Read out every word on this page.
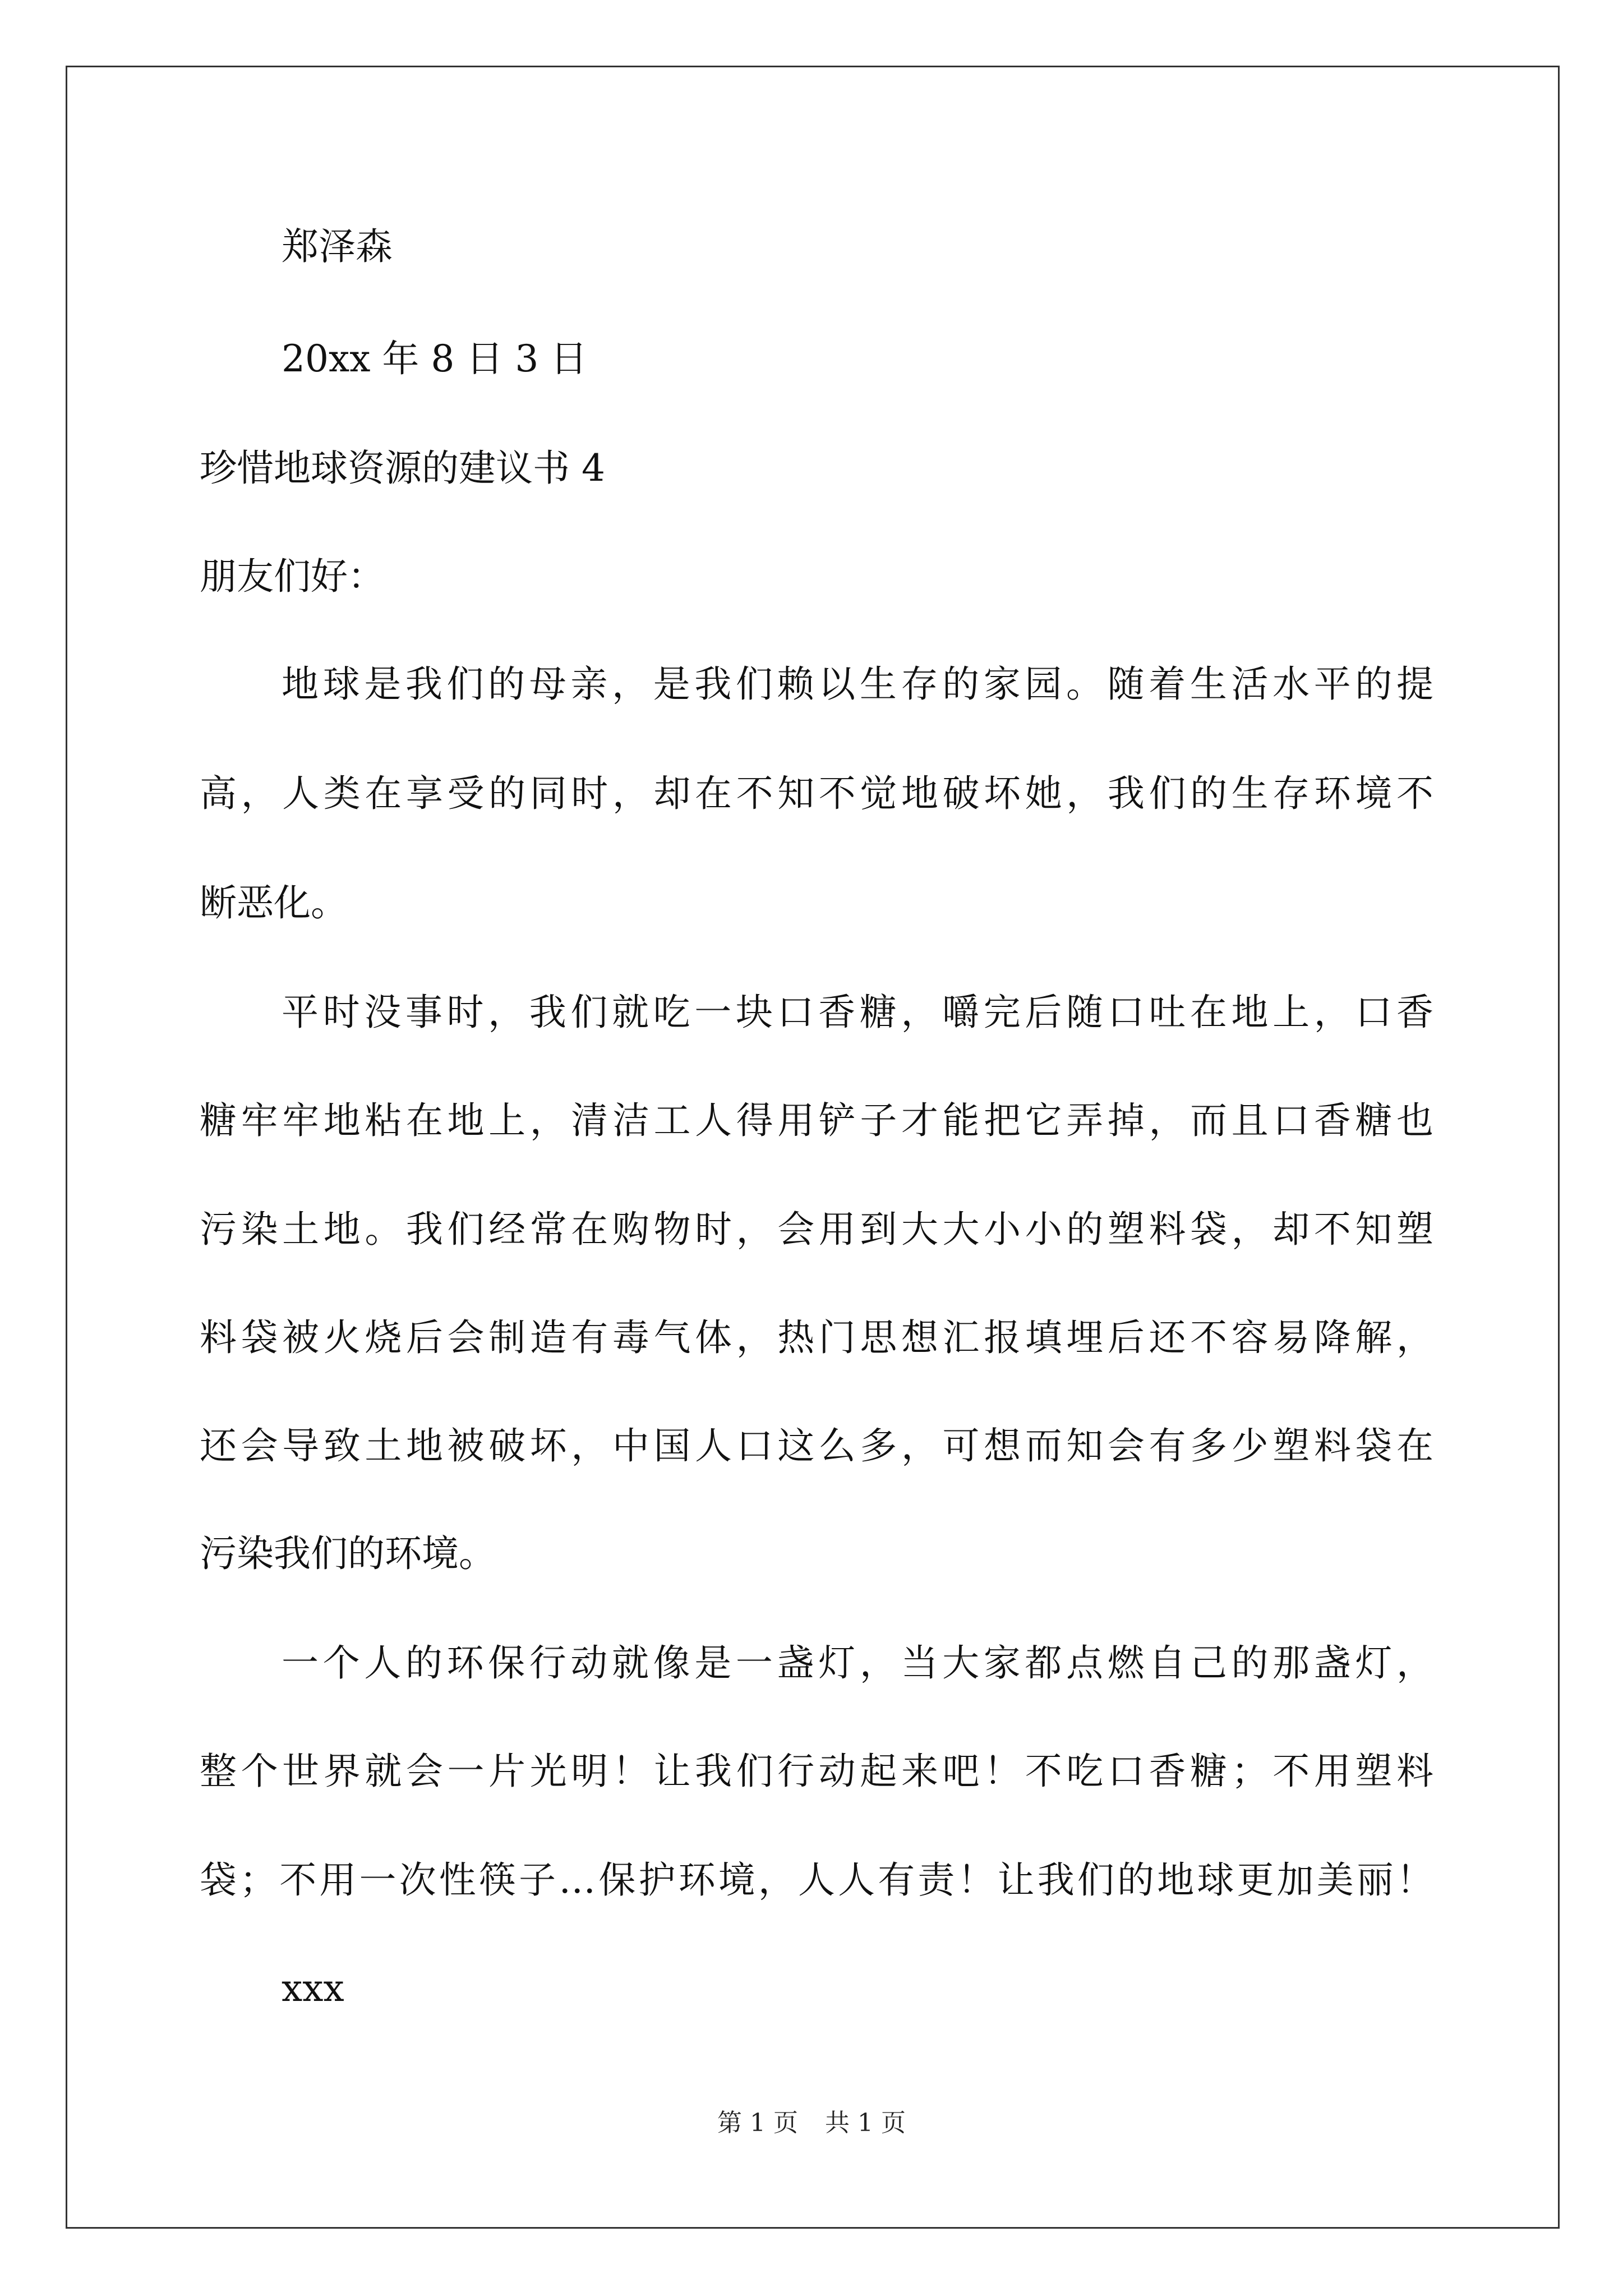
郑泽森
20xx 年 8 日 3 日
珍惜地球资源的建议书 4
朋友们好：
地球是我们的母亲，是我们赖以生存的家园。随着生活水平的提
高，人类在享受的同时，却在不知不觉地破坏她，我们的生存环境不
断恶化。
平时没事时，我们就吃一块口香糖，嚼完后随口吐在地上，口香
糖牢牢地粘在地上，清洁工人得用铲子才能把它弄掉，而且口香糖也
污染土地。我们经常在购物时，会用到大大小小的塑料袋，却不知塑
料袋被火烧后会制造有毒气体，热门思想汇报填埋后还不容易降解，
还会导致土地被破坏，中国人口这么多，可想而知会有多少塑料袋在
污染我们的环境。
一个人的环保行动就像是一盏灯，当大家都点燃自己的那盏灯，
整个世界就会一片光明！让我们行动起来吧！不吃口香糖；不用塑料
袋；不用一次性筷子…保护环境，人人有责！让我们的地球更加美丽！
xxx
第 1 页 共 1 页
